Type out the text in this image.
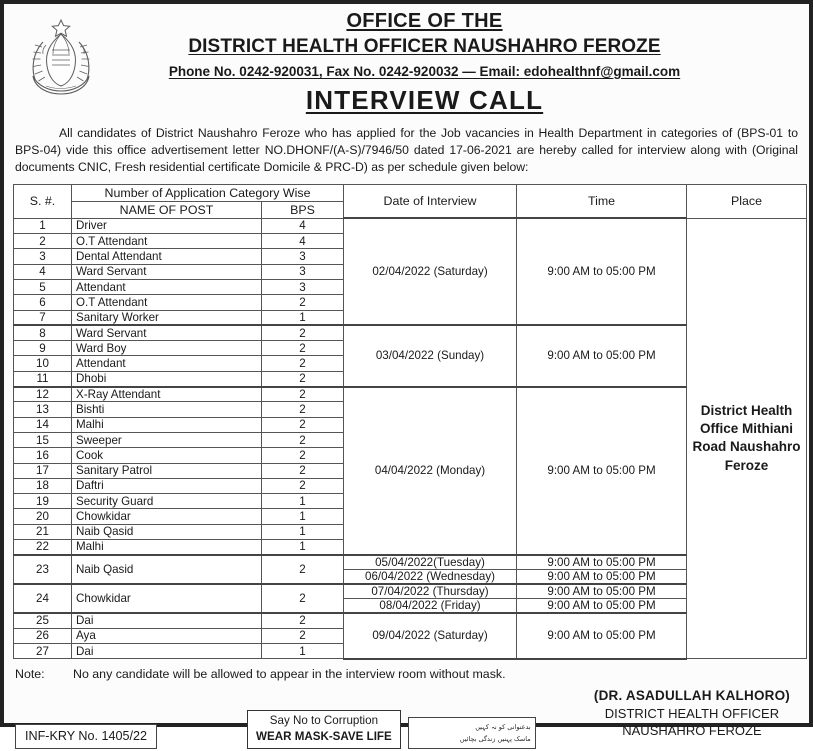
OFFICE OF THE
DISTRICT HEALTH OFFICER NAUSHAHRO FEROZE
Phone No. 0242-920031, Fax No. 0242-920032 — Email: edohealthnf@gmail.com
INTERVIEW CALL
All candidates of District Naushahro Feroze who has applied for the Job vacancies in Health Department in categories of (BPS-01 to BPS-04) vide this office advertisement letter NO.DHONF/(A-S)/7946/50 dated 17-06-2021 are hereby called for interview along with (Original documents CNIC, Fresh residential certificate Domicile & PRC-D) as per schedule given below:
S. #.	Number of Application Category Wise		Date of Interview	Time	Place
	NAME OF POST	BPS			
1	Driver	4	02/04/2022 (Saturday)	9:00 AM to 05:00 PM	District Health Office Mithiani Road Naushahro Feroze
2	O.T Attendant	4			
3	Dental Attendant	3			
4	Ward Servant	3			
5	Attendant	3			
6	O.T Attendant	2			
7	Sanitary Worker	1			
8	Ward Servant	2	03/04/2022 (Sunday)	9:00 AM to 05:00 PM	
9	Ward Boy	2			
10	Attendant	2			
11	Dhobi	2			
12	X-Ray Attendant	2	04/04/2022 (Monday)	9:00 AM to 05:00 PM	
13	Bishti	2			
14	Malhi	2			
15	Sweeper	2			
16	Cook	2			
17	Sanitary Patrol	2			
18	Daftri	2			
19	Security Guard	1			
20	Chowkidar	1			
21	Naib Qasid	1			
22	Malhi	1			
23	Naib Qasid	2	05/04/2022(Tuesday)	9:00 AM to 05:00 PM	
			06/04/2022 (Wednesday)	9:00 AM to 05:00 PM	
24	Chowkidar	2	07/04/2022 (Thursday)	9:00 AM to 05:00 PM	
			08/04/2022 (Friday)	9:00 AM to 05:00 PM	
25	Dai	2	09/04/2022 (Saturday)	9:00 AM to 05:00 PM	
26	Aya	2			
27	Dai	1			
Note:	No any candidate will be allowed to appear in the interview room without mask.
(DR. ASADULLAH KALHORO)
DISTRICT HEALTH OFFICER
NAUSHAHRO FEROZE
INF-KRY No. 1405/22
Say No to Corruption
WEAR MASK-SAVE LIFE
بدعنوانی کو نہ کہیں
ماسک پہنیں زندگی بچائیں
